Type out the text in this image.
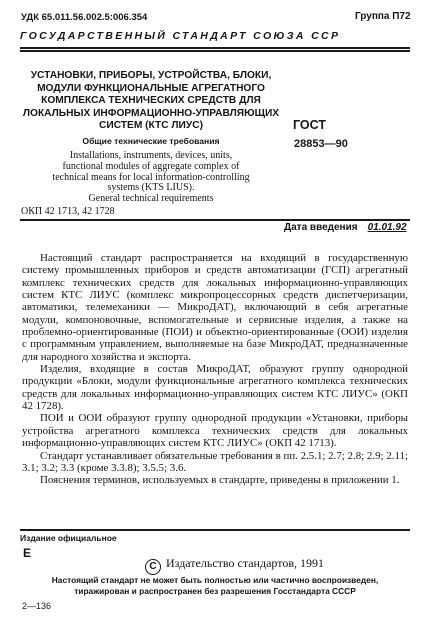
УДК 65.011.56.002.5:006.354	Группа П72
ГОСУДАРСТВЕННЫЙ СТАНДАРТ СОЮЗА ССР
УСТАНОВКИ, ПРИБОРЫ, УСТРОЙСТВА, БЛОКИ,
МОДУЛИ ФУНКЦИОНАЛЬНЫЕ АГРЕГАТНОГО
КОМПЛЕКСА ТЕХНИЧЕСКИХ СРЕДСТВ ДЛЯ
ЛОКАЛЬНЫХ ИНФОРМАЦИОННО-УПРАВЛЯЮЩИХ
СИСТЕМ (КТС ЛИУС)
Общие технические требования
Installations, instruments, devices, units,
functional modules of aggregate complex of
technical means for local information-controlling
systems (KTS LIUS).
General technical requirements
ГОСТ
28853—90
ОКП 42 1713, 42 1728
Дата введения 01.01.92

Настоящий стандарт распространяется на входящий в государственную систему промышленных приборов и средств автоматизации (ГСП) агрегатный комплекс технических средств для локальных информационно-управляющих систем КТС ЛИУС (комплекс микропроцессорных средств диспетчеризации, автоматики, телемеханики — МикроДАТ), включающий в себя агрегатные модули, компоновочные, вспомогательные и сервисные изделия, а также на проблемно-ориентированные (ПОИ) и объектно-ориентированные (ООИ) изделия с программным управлением, выполняемые на базе МикроДАТ, предназначенные для народного хозяйства и экспорта.

Изделия, входящие в состав МикроДАТ, образуют группу однородной продукции «Блоки, модули функциональные агрегатного комплекса технических средств для локальных информационно-управляющих систем КТС ЛИУС» (ОКП 42 1728).

ПОИ и ООИ образуют группу однородной продукции «Установки, приборы устройства агрегатного комплекса технических средств для локальных информационно-управляющих систем КТС ЛИУС» (ОКП 42 1713).

Стандарт устанавливает обязательные требования в пп. 2.5.1; 2.7; 2.8; 2.9; 2.11; 3.1; 3.2; 3.3 (кроме 3.3.8); 3.5.5; 3.6.

Пояснения терминов, используемых в стандарте, приведены в приложении 1.

Издание официальное
Е
C Издательство стандартов, 1991
Настоящий стандарт не может быть полностью или частично воспроизведен,
тиражирован и распространен без разрешения Госстандарта СССР
2—136
